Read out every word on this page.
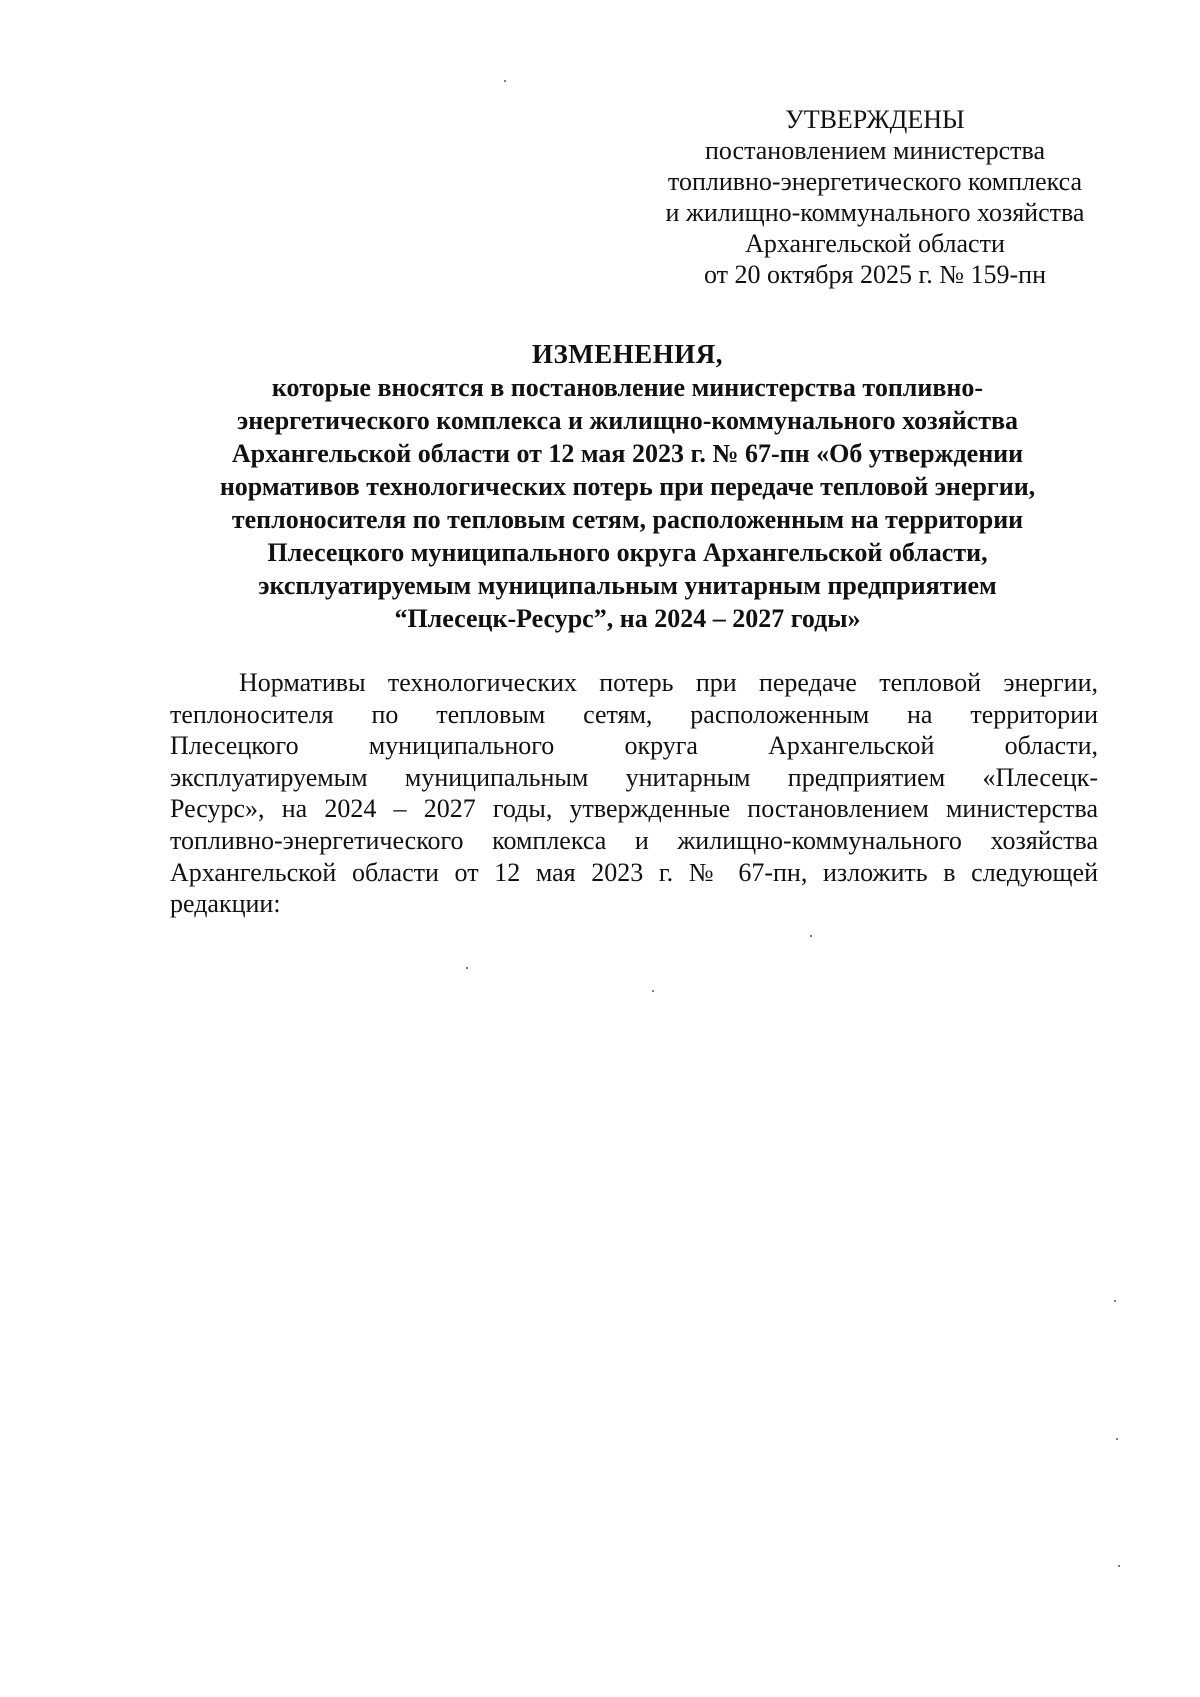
УТВЕРЖДЕНЫ
постановлением министерства
топливно-энергетического комплекса
и жилищно-коммунального хозяйства
Архангельской области
от 20 октября 2025 г. № 159-пн
ИЗМЕНЕНИЯ,
которые вносятся в постановление министерства топливно-
энергетического комплекса и жилищно-коммунального хозяйства
Архангельской области от 12 мая 2023 г. № 67-пн «Об утверждении
нормативов технологических потерь при передаче тепловой энергии,
теплоносителя по тепловым сетям, расположенным на территории
Плесецкого муниципального округа Архангельской области,
эксплуатируемым муниципальным унитарным предприятием
“Плесецк-Ресурс”, на 2024 – 2027 годы»
Нормативы технологических потерь при передаче тепловой энергии,
теплоносителя по тепловым сетям, расположенным на территории
Плесецкого муниципального округа Архангельской области,
эксплуатируемым муниципальным унитарным предприятием «Плесецк-
Ресурс», на 2024 – 2027 годы, утвержденные постановлением министерства
топливно-энергетического комплекса и жилищно-коммунального хозяйства
Архангельской области от 12 мая 2023 г. № 67-пн, изложить в следующей
редакции:
